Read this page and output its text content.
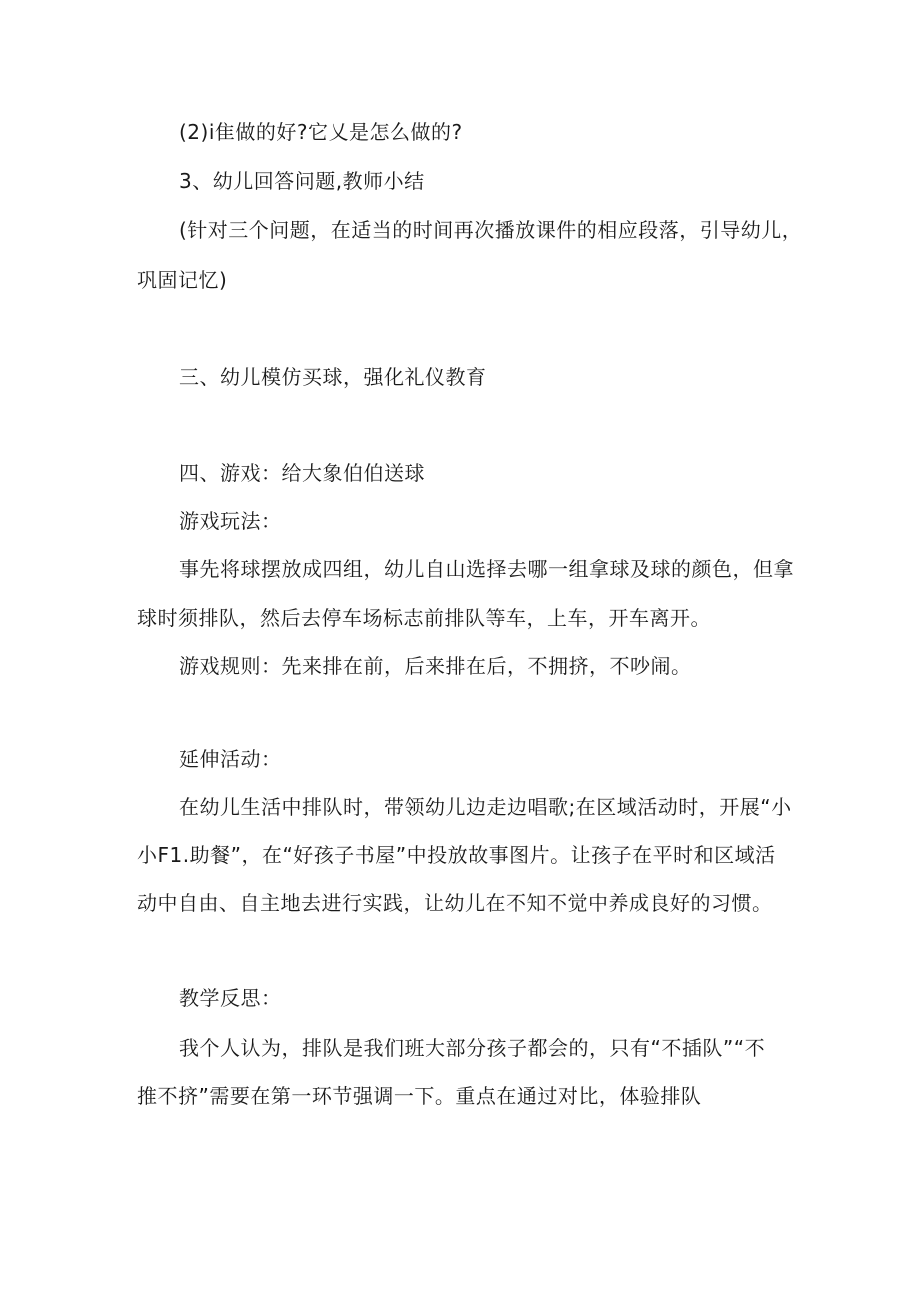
(2)i隹做的好?它乂是怎么做的?
3、幼儿回答问题,教师小结
(针对三个问题，在适当的时间再次播放课件的相应段落，引导幼儿，
巩固记忆)
三、幼儿模仿买球，强化礼仪教育
四、游戏：给大象伯伯送球
游戏玩法：
事先将球摆放成四组，幼儿自山选择去哪一组拿球及球的颜色，但拿
球时须排队，然后去停车场标志前排队等车，上车，开车离开。
游戏规则：先来排在前，后来排在后，不拥挤，不吵闹。
延伸活动：
在幼儿生活中排队时，带领幼儿边走边唱歌;在区域活动时，开展“小
小F1.助餐”，在“好孩子书屋”中投放故事图片。让孩子在平时和区域活
动中自由、自主地去进行实践，让幼儿在不知不觉中养成良好的习惯。
教学反思：
我个人认为，排队是我们班大部分孩子都会的，只有“不插队”“不
推不挤”需要在第一环节强调一下。重点在通过对比，体验排队
